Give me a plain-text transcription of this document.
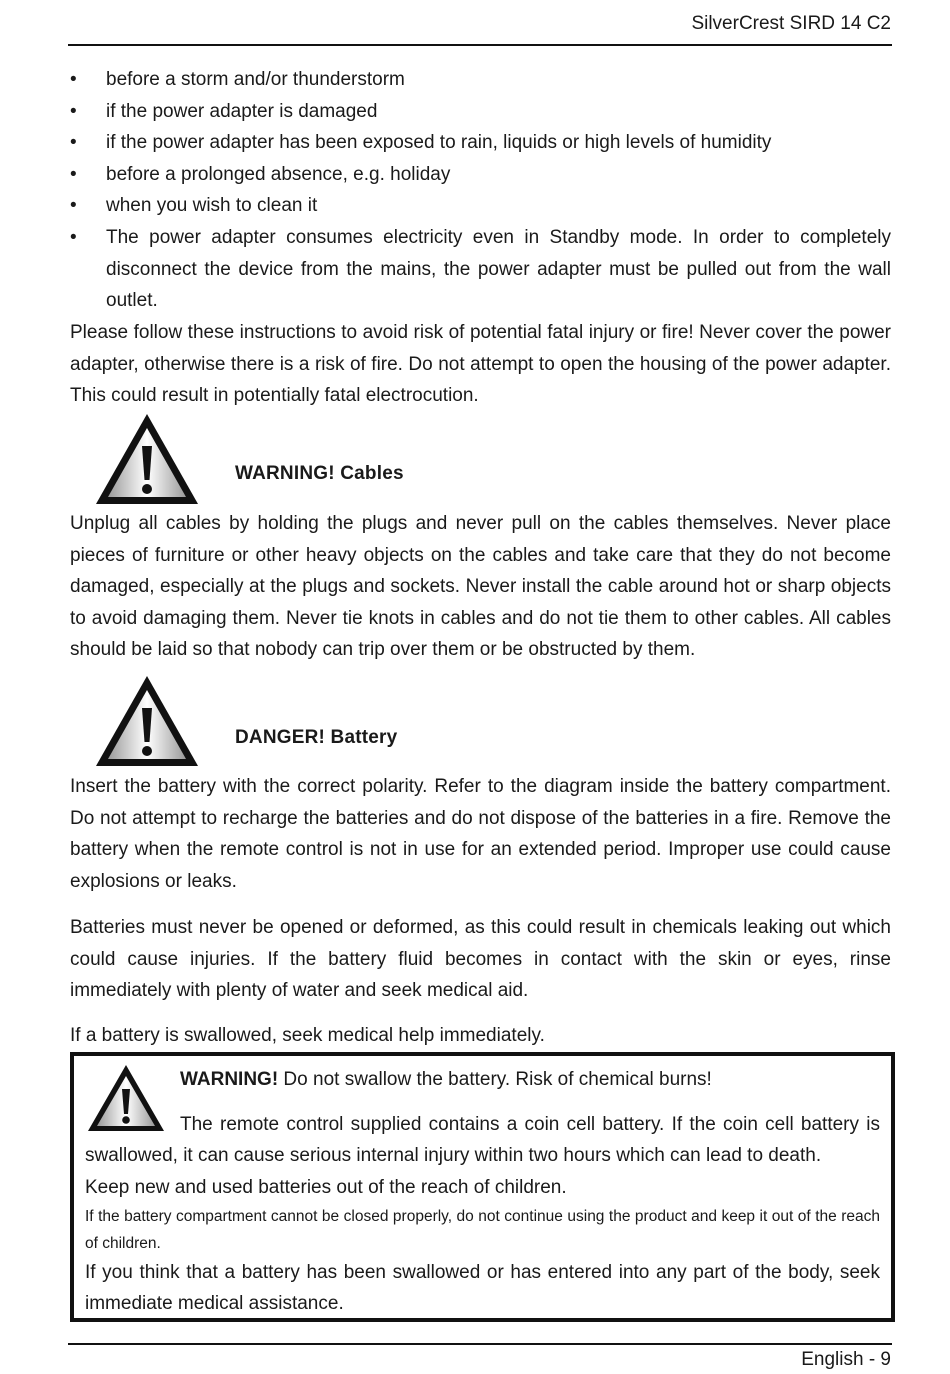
SilverCrest SIRD 14 C2
• before a storm and/or thunderstorm
• if the power adapter is damaged
• if the power adapter has been exposed to rain, liquids or high levels of humidity
• before a prolonged absence, e.g. holiday
• when you wish to clean it
• The power adapter consumes electricity even in Standby mode. In order to completely disconnect the device from the mains, the power adapter must be pulled out from the wall outlet.

Please follow these instructions to avoid risk of potential fatal injury or fire! Never cover the power adapter, otherwise there is a risk of fire. Do not attempt to open the housing of the power adapter. This could result in potentially fatal electrocution.

WARNING! Cables

Unplug all cables by holding the plugs and never pull on the cables themselves. Never place pieces of furniture or other heavy objects on the cables and take care that they do not become damaged, especially at the plugs and sockets. Never install the cable around hot or sharp objects to avoid damaging them. Never tie knots in cables and do not tie them to other cables. All cables should be laid so that nobody can trip over them or be obstructed by them.

DANGER! Battery

Insert the battery with the correct polarity. Refer to the diagram inside the battery compartment. Do not attempt to recharge the batteries and do not dispose of the batteries in a fire. Remove the battery when the remote control is not in use for an extended period. Improper use could cause explosions or leaks.

Batteries must never be opened or deformed, as this could result in chemicals leaking out which could cause injuries. If the battery fluid becomes in contact with the skin or eyes, rinse immediately with plenty of water and seek medical aid.

If a battery is swallowed, seek medical help immediately.

WARNING! Do not swallow the battery. Risk of chemical burns!
The remote control supplied contains a coin cell battery. If the coin cell battery is swallowed, it can cause serious internal injury within two hours which can lead to death.
Keep new and used batteries out of the reach of children.
If the battery compartment cannot be closed properly, do not continue using the product and keep it out of the reach of children.
If you think that a battery has been swallowed or has entered into any part of the body, seek immediate medical assistance.
English - 9
